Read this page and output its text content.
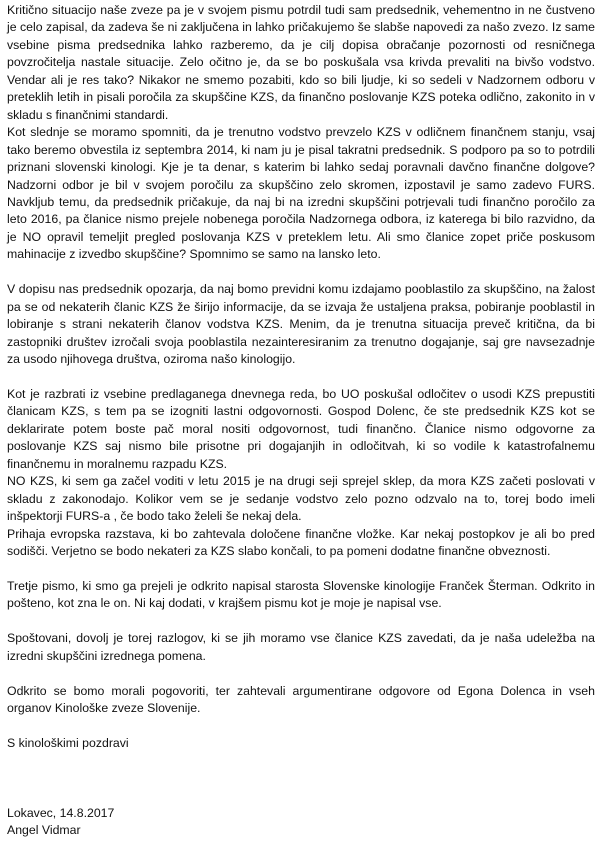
Kritično situacijo naše zveze pa je v svojem pismu potrdil tudi sam predsednik, vehementno in ne čustveno je celo zapisal, da zadeva še ni zaključena in lahko pričakujemo še slabše napovedi za našo zvezo. Iz same vsebine pisma predsednika lahko razberemo, da je cilj dopisa obračanje pozornosti od resničnega povzročitelja nastale situacije. Zelo očitno je, da se bo poskušala vsa krivda prevaliti na bivšo vodstvo. Vendar ali je res tako? Nikakor ne smemo pozabiti, kdo so bili ljudje, ki so sedeli v Nadzornem odboru v preteklih letih in pisali poročila za skupščine KZS, da finančno poslovanje KZS poteka odlično, zakonito in v skladu s finančnimi standardi.

Kot slednje se moramo spomniti, da je trenutno vodstvo prevzelo KZS v odličnem finančnem stanju, vsaj tako beremo obvestila iz septembra 2014, ki nam ju je pisal takratni predsednik. S podporo pa so to potrdili priznani slovenski kinologi. Kje je ta denar, s katerim bi lahko sedaj poravnali davčno finančne dolgove? Nadzorni odbor je bil v svojem poročilu za skupščino zelo skromen, izpostavil je samo zadevo FURS. Navkljub temu, da predsednik pričakuje, da naj bi na izredni skupščini potrjevali tudi finančno poročilo za leto 2016, pa članice nismo prejele nobenega poročila Nadzornega odbora, iz katerega bi bilo razvidno, da je NO opravil temeljit pregled poslovanja KZS v preteklem letu. Ali smo članice zopet priče poskusom mahinacije z izvedbo skupščine? Spomnimo se samo na lansko leto.

V dopisu nas predsednik opozarja, da naj bomo previdni komu izdajamo pooblastilo za skupščino, na žalost pa se od nekaterih članic KZS že širijo informacije, da se izvaja že ustaljena praksa, pobiranje pooblastil in lobiranje s strani nekaterih članov vodstva KZS. Menim, da je trenutna situacija preveč kritična, da bi zastopniki društev izročali svoja pooblastila nezainteresiranim za trenutno dogajanje, saj gre navsezadnje za usodo njihovega društva, oziroma našo kinologijo.

Kot je razbrati iz vsebine predlaganega dnevnega reda, bo UO poskušal odločitev o usodi KZS prepustiti članicam KZS, s tem pa se izogniti lastni odgovornosti. Gospod Dolenc, če ste predsednik KZS kot se deklarirate potem boste pač moral nositi odgovornost, tudi finančno. Članice nismo odgovorne za poslovanje KZS saj nismo bile prisotne pri dogajanjih in odločitvah, ki so vodile k katastrofalnemu finančnemu in moralnemu razpadu KZS.

NO KZS, ki sem ga začel voditi v letu 2015 je na drugi seji sprejel sklep, da mora KZS začeti poslovati v skladu z zakonodajo. Kolikor vem se je sedanje vodstvo zelo pozno odzvalo na to, torej bodo imeli inšpektorji FURS-a , če bodo tako želeli še nekaj dela.

Prihaja evropska razstava, ki bo zahtevala določene finančne vložke. Kar nekaj postopkov je ali bo pred sodišči. Verjetno se bodo nekateri za KZS slabo končali, to pa pomeni dodatne finančne obveznosti.

Tretje pismo, ki smo ga prejeli je odkrito napisal starosta Slovenske kinologije Franček Šterman. Odkrito in pošteno, kot zna le on. Ni kaj dodati, v krajšem pismu kot je moje je napisal vse.

Spoštovani, dovolj je torej razlogov, ki se jih moramo vse članice KZS zavedati, da je naša udeležba na izredni skupščini izrednega pomena.

Odkrito se bomo morali pogovoriti, ter zahtevali argumentirane odgovore od Egona Dolenca in vseh organov Kinološke zveze Slovenije.

S kinološkimi pozdravi

Lokavec, 14.8.2017

Angel Vidmar
